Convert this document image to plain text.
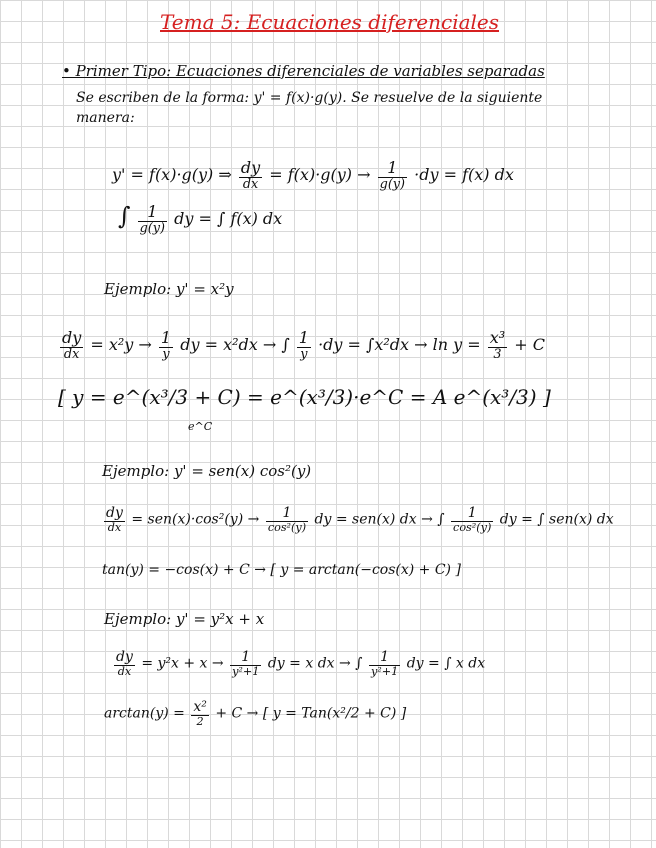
Tema 5: Ecuaciones diferenciales
• Primer Tipo: Ecuaciones diferenciales de variables separadas
Se escriben de la forma: y' = f(x)·g(y). Se resuelve de la siguiente
manera:
y' = f(x)·g(y) ⇒ $\frac{dy}{dx} = f(x)\cdot g(y) \to \frac{1}{g(y)} \cdot dy = f(x)$ dx
∫ $\frac{1}{g(y)}$ dy = ∫ f(x) dx
Ejemplo: y' = x²y
$\frac{dy}{dx} = x^2y \to \frac{1}{y}$ dy = x²dx → ∫ $\frac{1}{y} \cdot dy = \int x^2dx \to \ln y = \frac{\text{x³}}{3} + C$
[ y = e^(x³/3 + C) = e^(x³/3)·e^C = A e^(x³/3) ]
e^C
Ejemplo: y' = sen(x) cos²(y)
$\frac{dy}{dx} = sen(x)\cdot\cos^2(y) \to \frac{1}{\text{cos²(y)}}$ dy = sen(x) dx → ∫ $\frac{1}{\text{cos²(y)}}$ dy = ∫ sen(x) dx
tan(y) = −cos(x) + C → [ y = arctan(−cos(x) + C) ]
Ejemplo: y' = y²x + x
$\frac{dy}{dx} = y^2x + x \to \frac{1}{\text{y²+1}}$ dy = x dx → ∫ $\frac{1}{\text{y²+1}}$ dy = ∫ x dx
$\arctan(y) = \frac{\text{x²}}{2} + C$ → [ y = Tan(x²/2 + C) ]
